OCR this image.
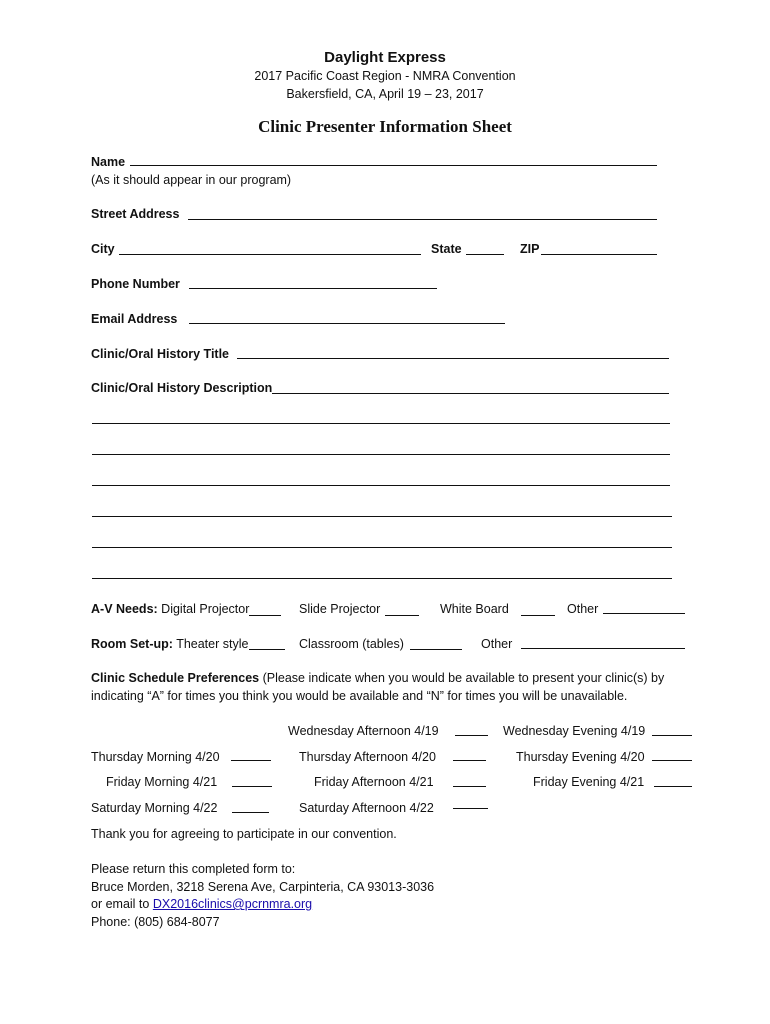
Daylight Express
2017 Pacific Coast Region - NMRA Convention
Bakersfield, CA, April 19 – 23, 2017
Clinic Presenter Information Sheet
Name
(As it should appear in our program)
Street Address
City	State	ZIP
Phone Number
Email Address
Clinic/Oral History Title
Clinic/Oral History Description
A-V Needs: Digital Projector	Slide Projector	White Board	Other
Room Set-up: Theater style	Classroom (tables)	Other
Clinic Schedule Preferences (Please indicate when you would be available to present your clinic(s) by
indicating “A” for times you think you would be available and “N” for times you will be unavailable.
Wednesday Afternoon 4/19	Wednesday Evening 4/19
Thursday Morning 4/20	Thursday Afternoon 4/20	Thursday Evening 4/20
Friday Morning 4/21	Friday Afternoon 4/21	Friday Evening 4/21
Saturday Morning 4/22	Saturday Afternoon 4/22
Thank you for agreeing to participate in our convention.
Please return this completed form to:
Bruce Morden, 3218 Serena Ave, Carpinteria, CA 93013-3036
or email to DX2016clinics@pcrnmra.org
Phone: (805) 684-8077
